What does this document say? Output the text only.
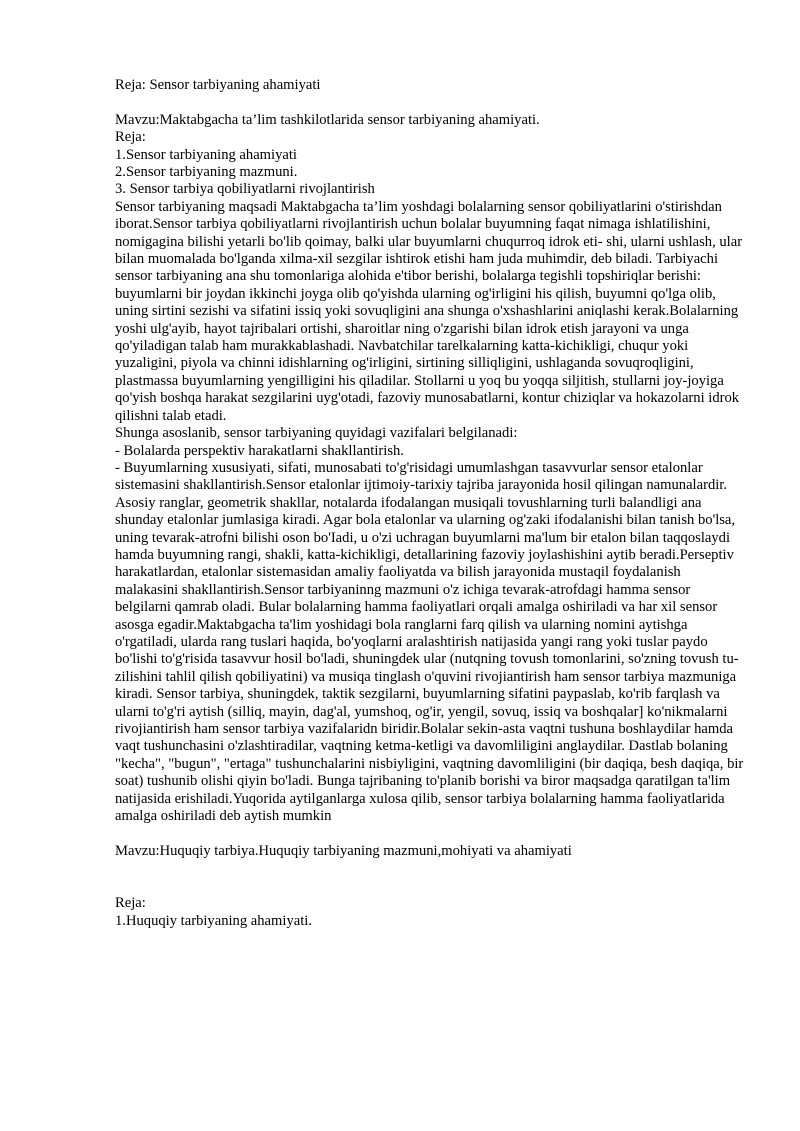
Reja: Sensor tarbiyaning ahamiyati

Mavzu:Maktabgacha ta’lim tashkilotlarida sensor tarbiyaning ahamiyati.

Reja:

1.Sensor tarbiyaning ahamiyati

2.Sensor tarbiyaning mazmuni.

3. Sensor tarbiya qobiliyatlarni rivojlantirish

Sensor tarbiyaning maqsadi Maktabgacha ta’lim yoshdagi bolalarning sensor qobiliyatlarini o'stirishdan iborat.Sensor tarbiya qobiliyatlarni rivojlantirish uchun bolalar buyumning faqat nimaga ishlatilishini, nomigagina bilishi yetarli bo'lib qoimay, balki ular buyumlarni chuqurroq idrok eti- shi, ularni ushlash, ular bilan muomalada bo'lganda xilma-xil sezgilar ishtirok etishi ham juda muhimdir, deb biladi. Tarbiyachi sensor tarbiyaning ana shu tomonlariga alohida e'tibor berishi, bolalarga tegishli topshiriqlar berishi: buyumlarni bir joydan ikkinchi joyga olib qo'yishda ularning og'irligini his qilish, buyumni qo'lga olib, uning sirtini sezishi va sifatini issiq yoki sovuqligini ana shunga o'xshashlarini aniqlashi kerak.Bolalarning yoshi ulg'ayib, hayot tajribalari ortishi, sharoitlar ning o'zgarishi bilan idrok etish jarayoni va unga qo'yiladigan talab ham murakkablashadi. Navbatchilar tarelkalarning katta-kichikligi, chuqur yoki yuzaligini, piyola va chinni idishlarning og'irligini, sirtining silliqligini, ushlaganda sovuqroqligini, plastmassa buyumlarning yengilligini his qiladilar. Stollarni u yoq bu yoqqa siljitish, stullarni joy-joyiga qo'yish boshqa harakat sezgilarini uyg'otadi, fazoviy munosabatlarni, kontur chiziqlar va hokazolarni idrok qilishni talab etadi.

Shunga asoslanib, sensor tarbiyaning quyidagi vazifalari belgilanadi:

- Bolalarda perspektiv harakatlarni shakllantirish.

- Buyumlarning xususiyati, sifati, munosabati to'g'risidagi umumlashgan tasavvurlar sensor etalonlar sistemasini shakllantirish.Sensor etalonlar ijtimoiy-tarixiy tajriba jarayonida hosil qilingan namunalardir. Asosiy ranglar, geometrik shakllar, notalarda ifodalangan musiqali tovushlarning turli balandligi ana shunday etalonlar jumlasiga kiradi. Agar bola etalonlar va ularning og'zaki ifodalanishi bilan tanish bo'lsa, uning tevarak-atrofni bilishi oson bo'Iadi, u o'zi uchragan buyumlarni ma'lum bir etalon bilan taqqoslaydi hamda buyumning rangi, shakli, katta-kichikligi, detallarining fazoviy joylashishini aytib beradi.Perseptiv harakatlardan, etalonlar sistemasidan amaliy faoliyatda va bilish jarayonida mustaqil foydalanish malakasini shakllantirish.Sensor tarbiyaninng mazmuni o'z ichiga tevarak-atrofdagi hamma sensor belgilarni qamrab oladi. Bular bolalarning hamma faoliyatlari orqali amalga oshiriladi va har xil sensor asosga egadir.Maktabgacha ta'lim yoshidagi bola ranglarni farq qilish va ularning nomini aytishga o'rgatiladi, ularda rang tuslari haqida, bo'yoqlarni aralashtirish natijasida yangi rang yoki tuslar paydo bo'lishi to'g'risida tasavvur hosil bo'ladi, shuningdek ular (nutqning tovush tomonlarini, so'zning tovush tu-zilishini tahlil qilish qobiliyatini) va musiqa tinglash o'quvini rivojiantirish ham sensor tarbiya mazmuniga kiradi. Sensor tarbiya, shuningdek, taktik sezgilarni, buyumlarning sifatini paypaslab, ko'rib farqlash va ularni to'g'ri aytish (silliq, mayin, dag'al, yumshoq, og'ir, yengil, sovuq, issiq va boshqalar] ko'nikmalarni rivojiantirish ham sensor tarbiya vazifalaridn biridir.Bolalar sekin-asta vaqtni tushuna boshlaydilar hamda vaqt tushunchasini o'zlashtiradilar, vaqtning ketma-ketligi va davomliligini anglaydilar. Dastlab bolaning "kecha", "bugun", "ertaga" tushunchalarini nisbiyligini, vaqtning davomliligini (bir daqiqa, besh daqiqa, bir soat) tushunib olishi qiyin bo'ladi. Bunga tajribaning to'planib borishi va biror maqsadga qaratilgan ta'lim natijasida erishiladi.Yuqorida aytilganlarga xulosa qilib, sensor tarbiya bolalarning hamma faoliyatlarida amalga oshiriladi deb aytish mumkin

Mavzu:Huquqiy tarbiya.Huquqiy tarbiyaning mazmuni,mohiyati va ahamiyati

Reja:

1.Huquqiy tarbiyaning ahamiyati.
